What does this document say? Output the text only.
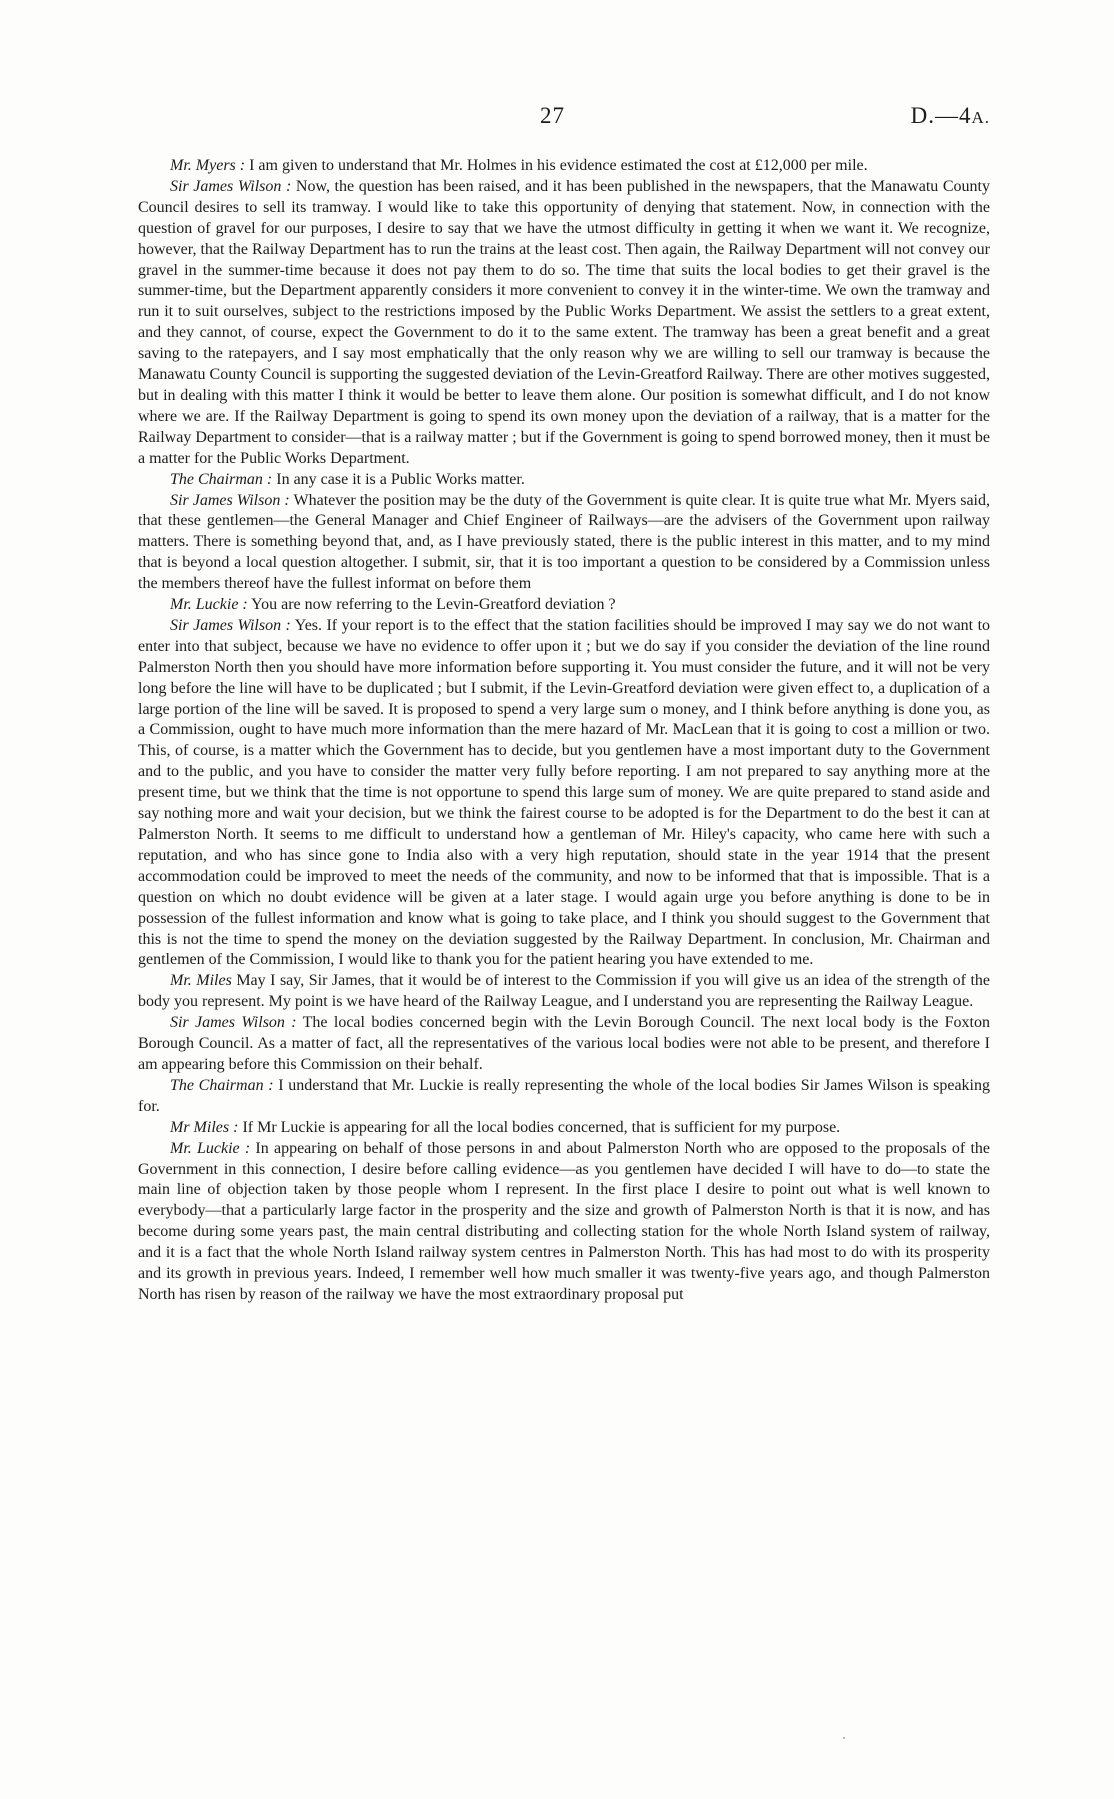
27	D.—4A.

Mr. Myers : I am given to understand that Mr. Holmes in his evidence estimated the cost at £12,000 per mile.

Sir James Wilson : Now, the question has been raised, and it has been published in the newspapers, that the Manawatu County Council desires to sell its tramway. I would like to take this opportunity of denying that statement. Now, in connection with the question of gravel for our purposes, I desire to say that we have the utmost difficulty in getting it when we want it. We recognize, however, that the Railway Department has to run the trains at the least cost. Then again, the Railway Department will not convey our gravel in the summer-time because it does not pay them to do so. The time that suits the local bodies to get their gravel is the summer-time, but the Department apparently considers it more convenient to convey it in the winter-time. We own the tramway and run it to suit ourselves, subject to the restrictions imposed by the Public Works Department. We assist the settlers to a great extent, and they cannot, of course, expect the Government to do it to the same extent. The tramway has been a great benefit and a great saving to the ratepayers, and I say most emphatically that the only reason why we are willing to sell our tramway is because the Manawatu County Council is supporting the suggested deviation of the Levin-Greatford Railway. There are other motives suggested, but in dealing with this matter I think it would be better to leave them alone. Our position is somewhat difficult, and I do not know where we are. If the Railway Department is going to spend its own money upon the deviation of a railway, that is a matter for the Railway Department to consider—that is a railway matter ; but if the Government is going to spend borrowed money, then it must be a matter for the Public Works Department.

The Chairman : In any case it is a Public Works matter.

Sir James Wilson : Whatever the position may be the duty of the Government is quite clear. It is quite true what Mr. Myers said, that these gentlemen—the General Manager and Chief Engineer of Railways—are the advisers of the Government upon railway matters. There is something beyond that, and, as I have previously stated, there is the public interest in this matter, and to my mind that is beyond a local question altogether. I submit, sir, that it is too important a question to be considered by a Commission unless the members thereof have the fullest informat on before them

Mr. Luckie : You are now referring to the Levin-Greatford deviation ?

Sir James Wilson : Yes. If your report is to the effect that the station facilities should be improved I may say we do not want to enter into that subject, because we have no evidence to offer upon it ; but we do say if you consider the deviation of the line round Palmerston North then you should have more information before supporting it. You must consider the future, and it will not be very long before the line will have to be duplicated ; but I submit, if the Levin-Greatford deviation were given effect to, a duplication of a large portion of the line will be saved. It is proposed to spend a very large sum o money, and I think before anything is done you, as a Commission, ought to have much more information than the mere hazard of Mr. MacLean that it is going to cost a million or two. This, of course, is a matter which the Government has to decide, but you gentlemen have a most important duty to the Government and to the public, and you have to consider the matter very fully before reporting. I am not prepared to say anything more at the present time, but we think that the time is not opportune to spend this large sum of money. We are quite prepared to stand aside and say nothing more and wait your decision, but we think the fairest course to be adopted is for the Department to do the best it can at Palmerston North. It seems to me difficult to understand how a gentleman of Mr. Hiley's capacity, who came here with such a reputation, and who has since gone to India also with a very high reputation, should state in the year 1914 that the present accommodation could be improved to meet the needs of the community, and now to be informed that that is impossible. That is a question on which no doubt evidence will be given at a later stage. I would again urge you before anything is done to be in possession of the fullest information and know what is going to take place, and I think you should suggest to the Government that this is not the time to spend the money on the deviation suggested by the Railway Department. In conclusion, Mr. Chairman and gentlemen of the Commission, I would like to thank you for the patient hearing you have extended to me.

Mr. Miles May I say, Sir James, that it would be of interest to the Commission if you will give us an idea of the strength of the body you represent. My point is we have heard of the Railway League, and I understand you are representing the Railway League.

Sir James Wilson : The local bodies concerned begin with the Levin Borough Council. The next local body is the Foxton Borough Council. As a matter of fact, all the representatives of the various local bodies were not able to be present, and therefore I am appearing before this Commission on their behalf.

The Chairman : I understand that Mr. Luckie is really representing the whole of the local bodies Sir James Wilson is speaking for.

Mr Miles : If Mr Luckie is appearing for all the local bodies concerned, that is sufficient for my purpose.

Mr. Luckie : In appearing on behalf of those persons in and about Palmerston North who are opposed to the proposals of the Government in this connection, I desire before calling evidence—as you gentlemen have decided I will have to do—to state the main line of objection taken by those people whom I represent. In the first place I desire to point out what is well known to everybody—that a particularly large factor in the prosperity and the size and growth of Palmerston North is that it is now, and has become during some years past, the main central distributing and collecting station for the whole North Island system of railway, and it is a fact that the whole North Island railway system centres in Palmerston North. This has had most to do with its prosperity and its growth in previous years. Indeed, I remember well how much smaller it was twenty-five years ago, and though Palmerston North has risen by reason of the railway we have the most extraordinary proposal put

˙
